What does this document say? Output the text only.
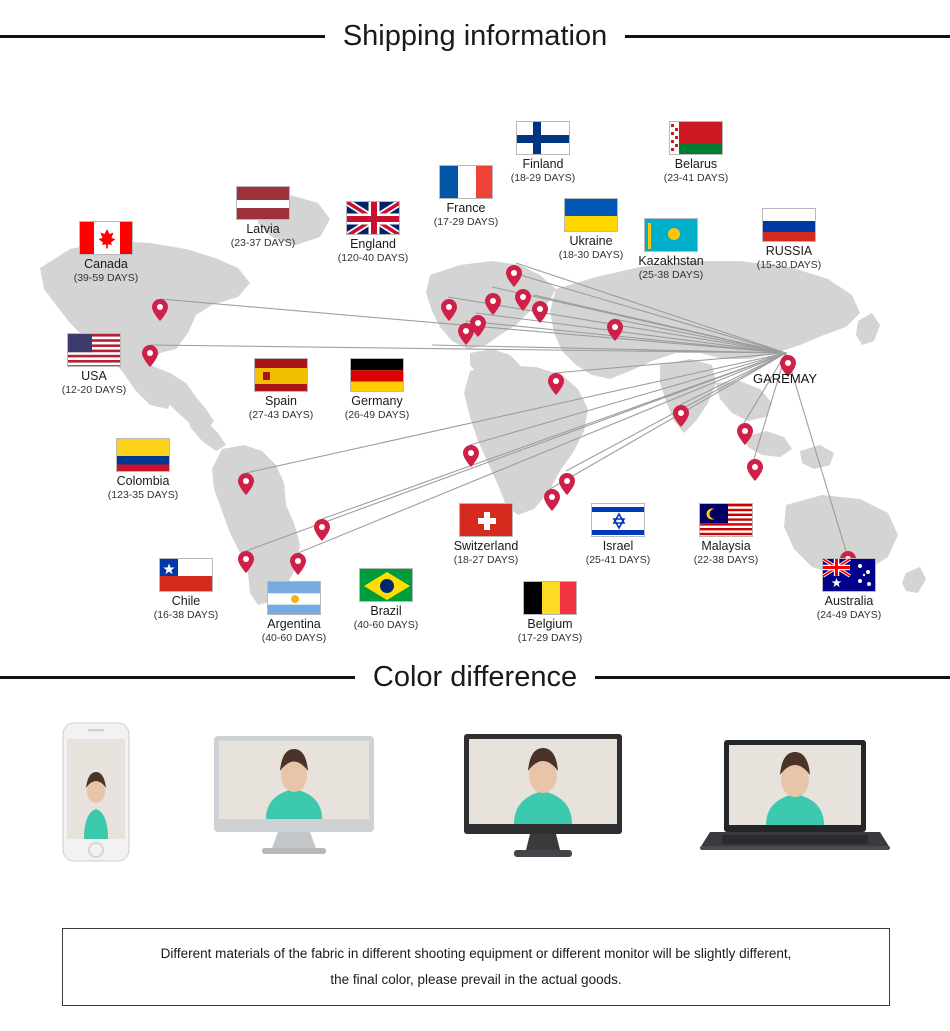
Shipping information
GAREMAY
Latvia
(23-37 DAYS)
France
(17-29 DAYS)
Finland
(18-29 DAYS)
Belarus
(23-41 DAYS)
England
(120-40 DAYS)
Ukraine
(18-30 DAYS)	Kazakhstan
(25-38 DAYS)
RUSSIA
(15-30 DAYS)
Canada
(39-59 DAYS)
USA
(12-20 DAYS)
Spain
(27-43 DAYS)
Germany
(26-49 DAYS)
Colombia
(123-35 DAYS)
Chile
(16-38 DAYS)
Argentina
(40-60 DAYS)
Brazil
(40-60 DAYS)
Switzerland
(18-27 DAYS)
Belgium
(17-29 DAYS)
Israel
(25-41 DAYS)
Malaysia
(22-38 DAYS)
Australia
(24-49 DAYS)
Color difference
Different materials of the fabric in different shooting equipment or different monitor will be slightly different,
the final color, please prevail in the actual goods.
